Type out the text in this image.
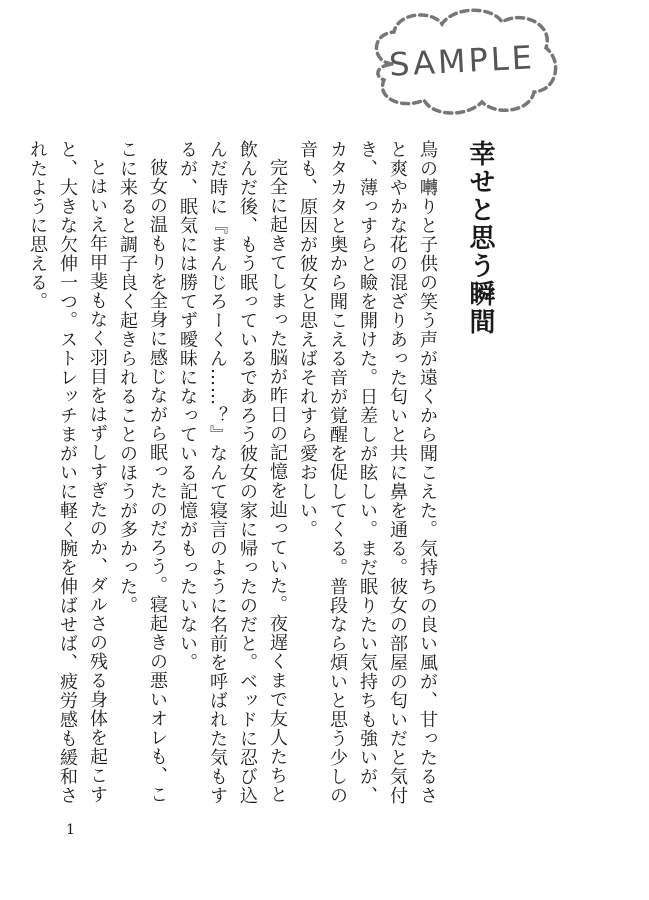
SAMPLE
幸せと思う瞬間

鳥の囀りと子供の笑う声が遠くから聞こえた。気持ちの良い風が、甘ったるさと爽やかな花の混ざりあった匂いと共に鼻を通る。彼女の部屋の匂いだと気付き、薄っすらと瞼を開けた。日差しが眩しい。まだ眠りたい気持ちも強いが、カタカタと奥から聞こえる音が覚醒を促してくる。普段なら煩いと思う少しの音も、原因が彼女と思えばそれすら愛おしい。

完全に起きてしまった脳が昨日の記憶を辿っていた。夜遅くまで友人たちと飲んだ後、もう眠っているであろう彼女の家に帰ったのだと。ベッドに忍び込んだ時に『まんじろーくん……？』なんて寝言のように名前を呼ばれた気もするが、眠気には勝てず曖昧になっている記憶がもったいない。

彼女の温もりを全身に感じながら眠ったのだろう。寝起きの悪いオレも、ここに来ると調子良く起きられることのほうが多かった。

とはいえ年甲斐もなく羽目をはずしすぎたのか、ダルさの残る身体を起こすと、大きな欠伸一つ。ストレッチまがいに軽く腕を伸ばせば、疲労感も緩和されたように思える。

1
